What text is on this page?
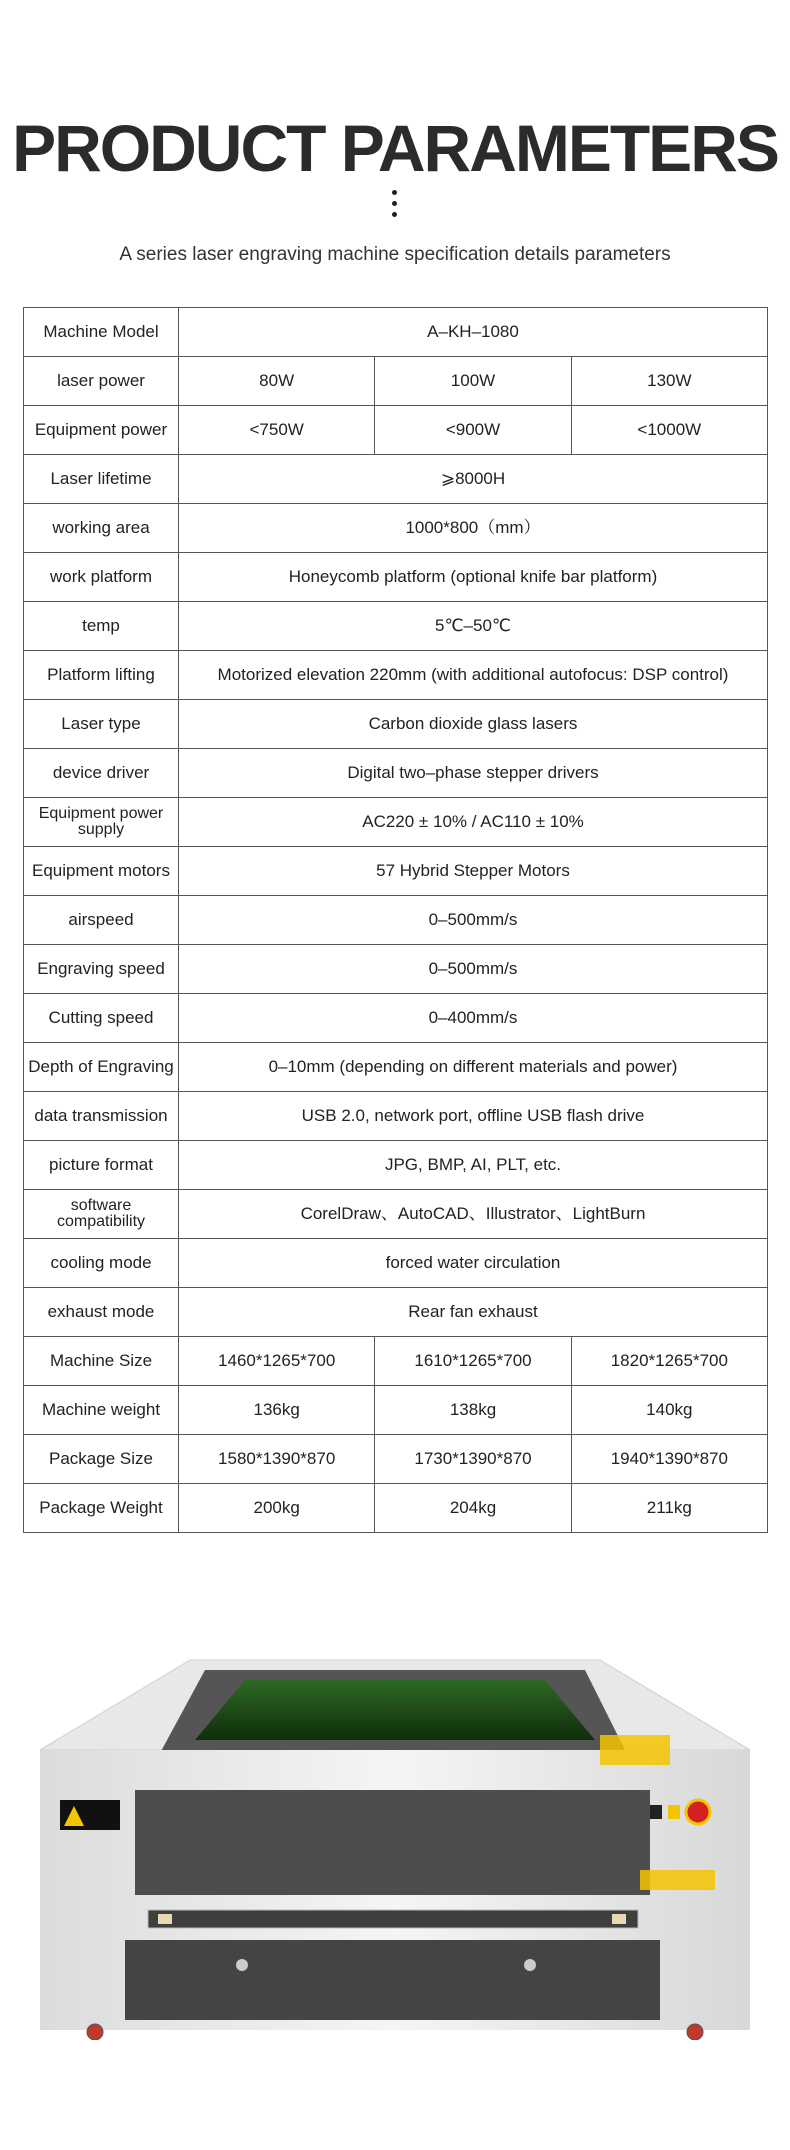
PRODUCT PARAMETERS
A series laser engraving machine specification details parameters
Machine Model	A–KH–1080		
laser power	80W	100W	130W
Equipment power	<750W	<900W	<1000W
Laser lifetime	⩾8000H		
working area	1000*800（mm）		
work platform	Honeycomb platform (optional knife bar platform)		
temp	5℃–50℃		
Platform lifting	Motorized elevation 220mm (with additional autofocus: DSP control)		
Laser type	Carbon dioxide glass lasers		
device driver	Digital two–phase stepper drivers		
Equipment power supply	AC220 ± 10% / AC110 ± 10%		
Equipment motors	57 Hybrid Stepper Motors		
airspeed	0–500mm/s		
Engraving speed	0–500mm/s		
Cutting speed	0–400mm/s		
Depth of Engraving	0–10mm (depending on different materials and power)		
data transmission	USB 2.0, network port, offline USB flash drive		
picture format	JPG, BMP, AI, PLT, etc.		
software compatibility	CorelDraw、AutoCAD、Illustrator、LightBurn		
cooling mode	forced water circulation		
exhaust mode	Rear fan exhaust		
Machine Size	1460*1265*700	1610*1265*700	1820*1265*700
Machine weight	136kg	138kg	140kg
Package Size	1580*1390*870	1730*1390*870	1940*1390*870
Package Weight	200kg	204kg	211kg
